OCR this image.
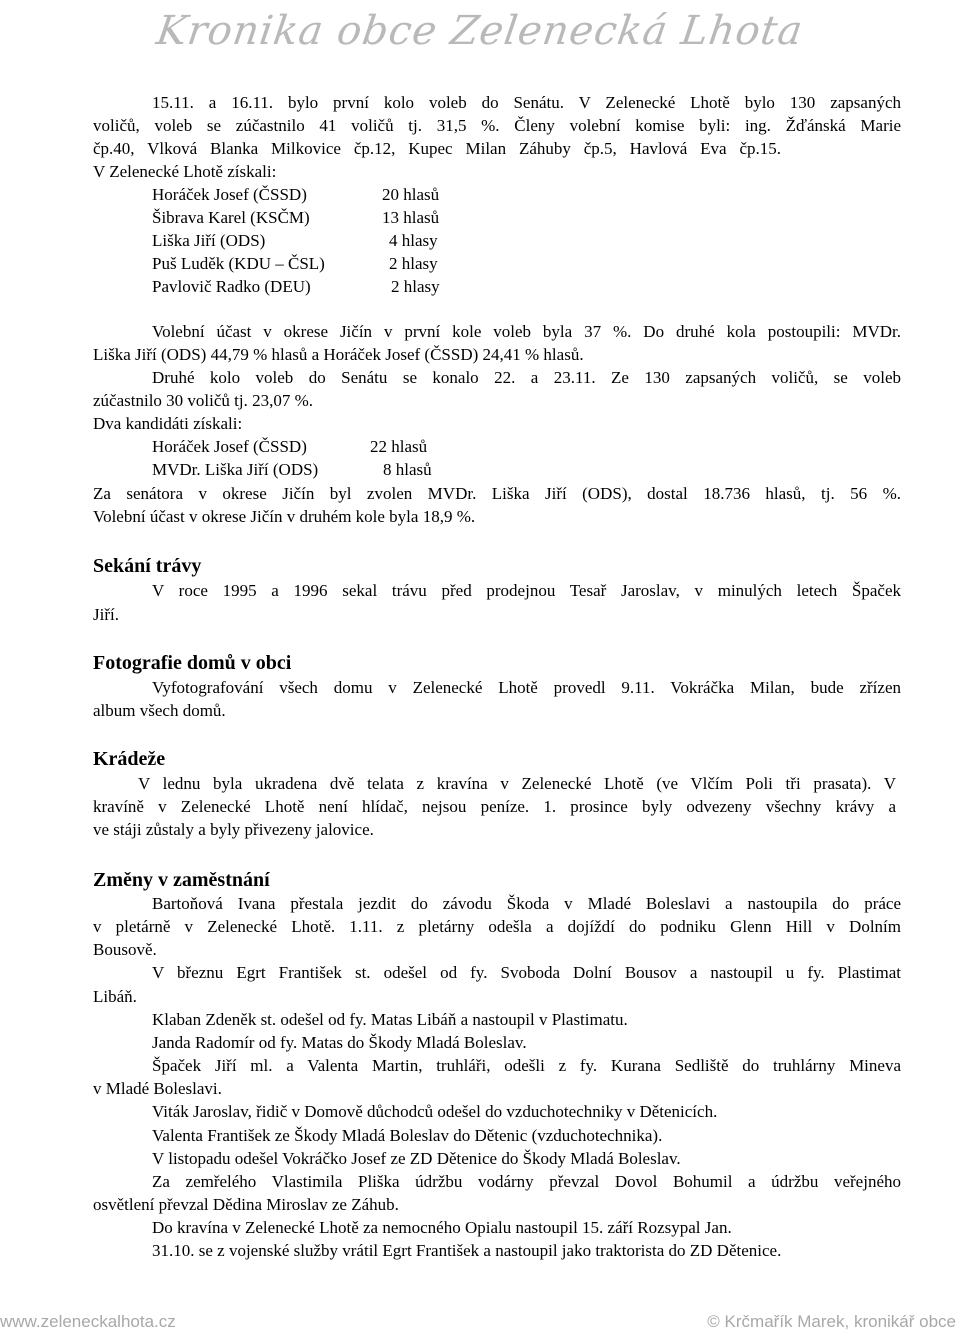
Kronika obce Zelenecká Lhota
15.11. a 16.11. bylo první kolo voleb do Senátu. V Zelenecké Lhotě bylo 130 zapsaných
voličů, voleb se zúčastnilo 41 voličů tj. 31,5 %. Členy volební komise byli: ing. Žďánská Marie
čp.40, Vlková Blanka Milkovice čp.12, Kupec Milan Záhuby čp.5, Havlová Eva čp.15.
V Zelenecké Lhotě získali:
Horáček Josef (ČSSD)	20 hlasů
Šibrava Karel (KSČM)	13 hlasů
Liška Jiří (ODS)	4 hlasy
Puš Luděk (KDU – ČSL)	2 hlasy
Pavlovič Radko (DEU)	2 hlasy
Volební účast v okrese Jičín v první kole voleb byla 37 %. Do druhé kola postoupili: MVDr.
Liška Jiří (ODS) 44,79 % hlasů a Horáček Josef (ČSSD) 24,41 % hlasů.
Druhé kolo voleb do Senátu se konalo 22. a 23.11. Ze 130 zapsaných voličů, se voleb
zúčastnilo 30 voličů tj. 23,07 %.
Dva kandidáti získali:
Horáček Josef (ČSSD)	22 hlasů
MVDr. Liška Jiří (ODS)	8 hlasů
Za senátora v okrese Jičín byl zvolen MVDr. Liška Jiří (ODS), dostal 18.736 hlasů, tj. 56 %.
Volební účast v okrese Jičín v druhém kole byla 18,9 %.
Sekání trávy
V roce 1995 a 1996 sekal trávu před prodejnou Tesař Jaroslav, v minulých letech Špaček
Jiří.
Fotografie domů v obci
Vyfotografování všech domu v Zelenecké Lhotě provedl 9.11. Vokráčka Milan, bude zřízen
album všech domů.
Krádeže
V lednu byla ukradena dvě telata z kravína v Zelenecké Lhotě (ve Vlčím Poli tři prasata). V
kravíně v Zelenecké Lhotě není hlídač, nejsou peníze. 1. prosince byly odvezeny všechny krávy a
ve stáji zůstaly a byly přivezeny jalovice.
Změny v zaměstnání
Bartoňová Ivana přestala jezdit do závodu Škoda v Mladé Boleslavi a nastoupila do práce
v pletárně v Zelenecké Lhotě. 1.11. z pletárny odešla a dojíždí do podniku Glenn Hill v Dolním
Bousově.
V březnu Egrt František st. odešel od fy. Svoboda Dolní Bousov a nastoupil u fy. Plastimat
Libáň.
Klaban Zdeněk st. odešel od fy. Matas Libáň a nastoupil v Plastimatu.
Janda Radomír od fy. Matas do Škody Mladá Boleslav.
Špaček Jiří ml. a Valenta Martin, truhláři, odešli z fy. Kurana Sedliště do truhlárny Mineva
v Mladé Boleslavi.
Viták Jaroslav, řidič v Domově důchodců odešel do vzduchotechniky v Dětenicích.
Valenta František ze Škody Mladá Boleslav do Dětenic (vzduchotechnika).
V listopadu odešel Vokráčko Josef ze ZD Dětenice do Škody Mladá Boleslav.
Za zemřelého Vlastimila Pliška údržbu vodárny převzal Dovol Bohumil a údržbu veřejného
osvětlení převzal Dědina Miroslav ze Záhub.
Do kravína v Zelenecké Lhotě za nemocného Opialu nastoupil 15. září Rozsypal Jan.
31.10. se z vojenské služby vrátil Egrt František a nastoupil jako traktorista do ZD Dětenice.
www.zeleneckalhota.cz	© Krčmařík Marek, kronikář obce
